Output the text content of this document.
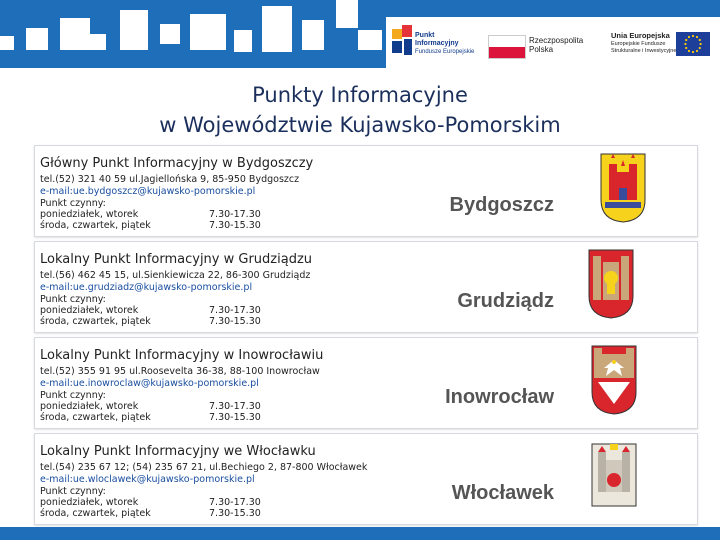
Punkt
Informacyjny
Fundusze Europejskie
Rzeczpospolita
Polska
Unia Europejska
Europejskie Fundusze
Strukturalne i Inwestycyjne
Punkty Informacyjne
w Województwie Kujawsko-Pomorskim
Główny Punkt Informacyjny w Bydgoszczy
tel.(52) 321 40 59 ul.Jagiellońska 9, 85-950 Bydgoszcz
e-mail:ue.bydgoszcz@kujawsko-pomorskie.pl
Punkt czynny:
poniedziałek, wtorek	7.30-17.30
środa, czwartek, piątek	7.30-15.30
Bydgoszcz
Lokalny Punkt Informacyjny w Grudziądzu
tel.(56) 462 45 15, ul.Sienkiewicza 22, 86-300 Grudziądz
e-mail:ue.grudziadz@kujawsko-pomorskie.pl
Punkt czynny:
poniedziałek, wtorek	7.30-17.30
środa, czwartek, piątek	7.30-15.30
Grudziądz
Lokalny Punkt Informacyjny w Inowrocławiu
tel.(52) 355 91 95 ul.Roosevelta 36-38, 88-100 Inowrocław
e-mail:ue.inowroclaw@kujawsko-pomorskie.pl
Punkt czynny:
poniedziałek, wtorek	7.30-17.30
środa, czwartek, piątek	7.30-15.30
Inowrocław
Lokalny Punkt Informacyjny we Włocławku
tel.(54) 235 67 12; (54) 235 67 21, ul.Bechiego 2, 87-800 Włocławek
e-mail:ue.wloclawek@kujawsko-pomorskie.pl
Punkt czynny:
poniedziałek, wtorek	7.30-17.30
środa, czwartek, piątek	7.30-15.30
Włocławek
